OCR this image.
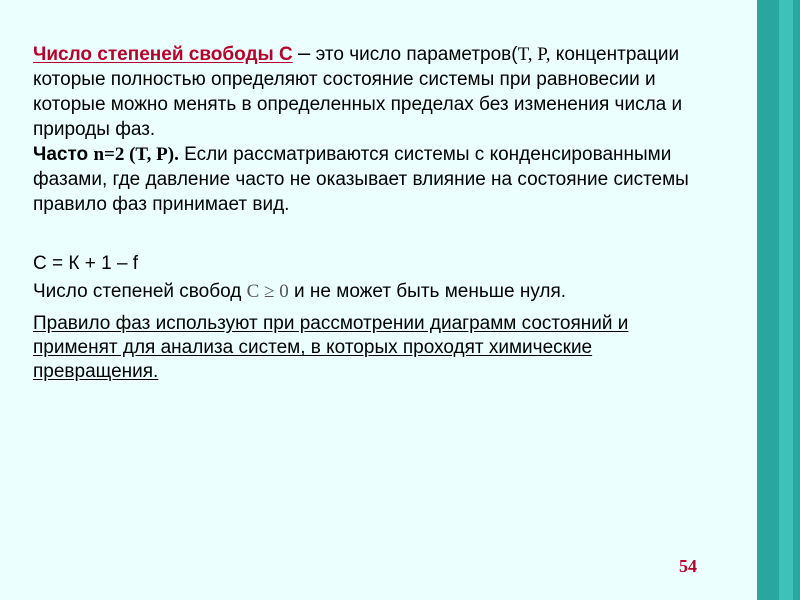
Число степеней свободы С – это число параметров(T, P, концентрации
которые полностью определяют состояние системы при равновесии и
которые можно менять в определенных пределах без изменения числа и
природы фаз.
Часто n=2 (T, P). Если рассматриваются системы с конденсированными
фазами, где давление часто не оказывает влияние на состояние системы
правило фаз принимает вид.
С = К + 1 – f
Число степеней свобод C ≥ 0 и не может быть меньше нуля.
Правило фаз используют при рассмотрении диаграмм состояний и
применят для анализа систем, в которых проходят химические
превращения.
54
